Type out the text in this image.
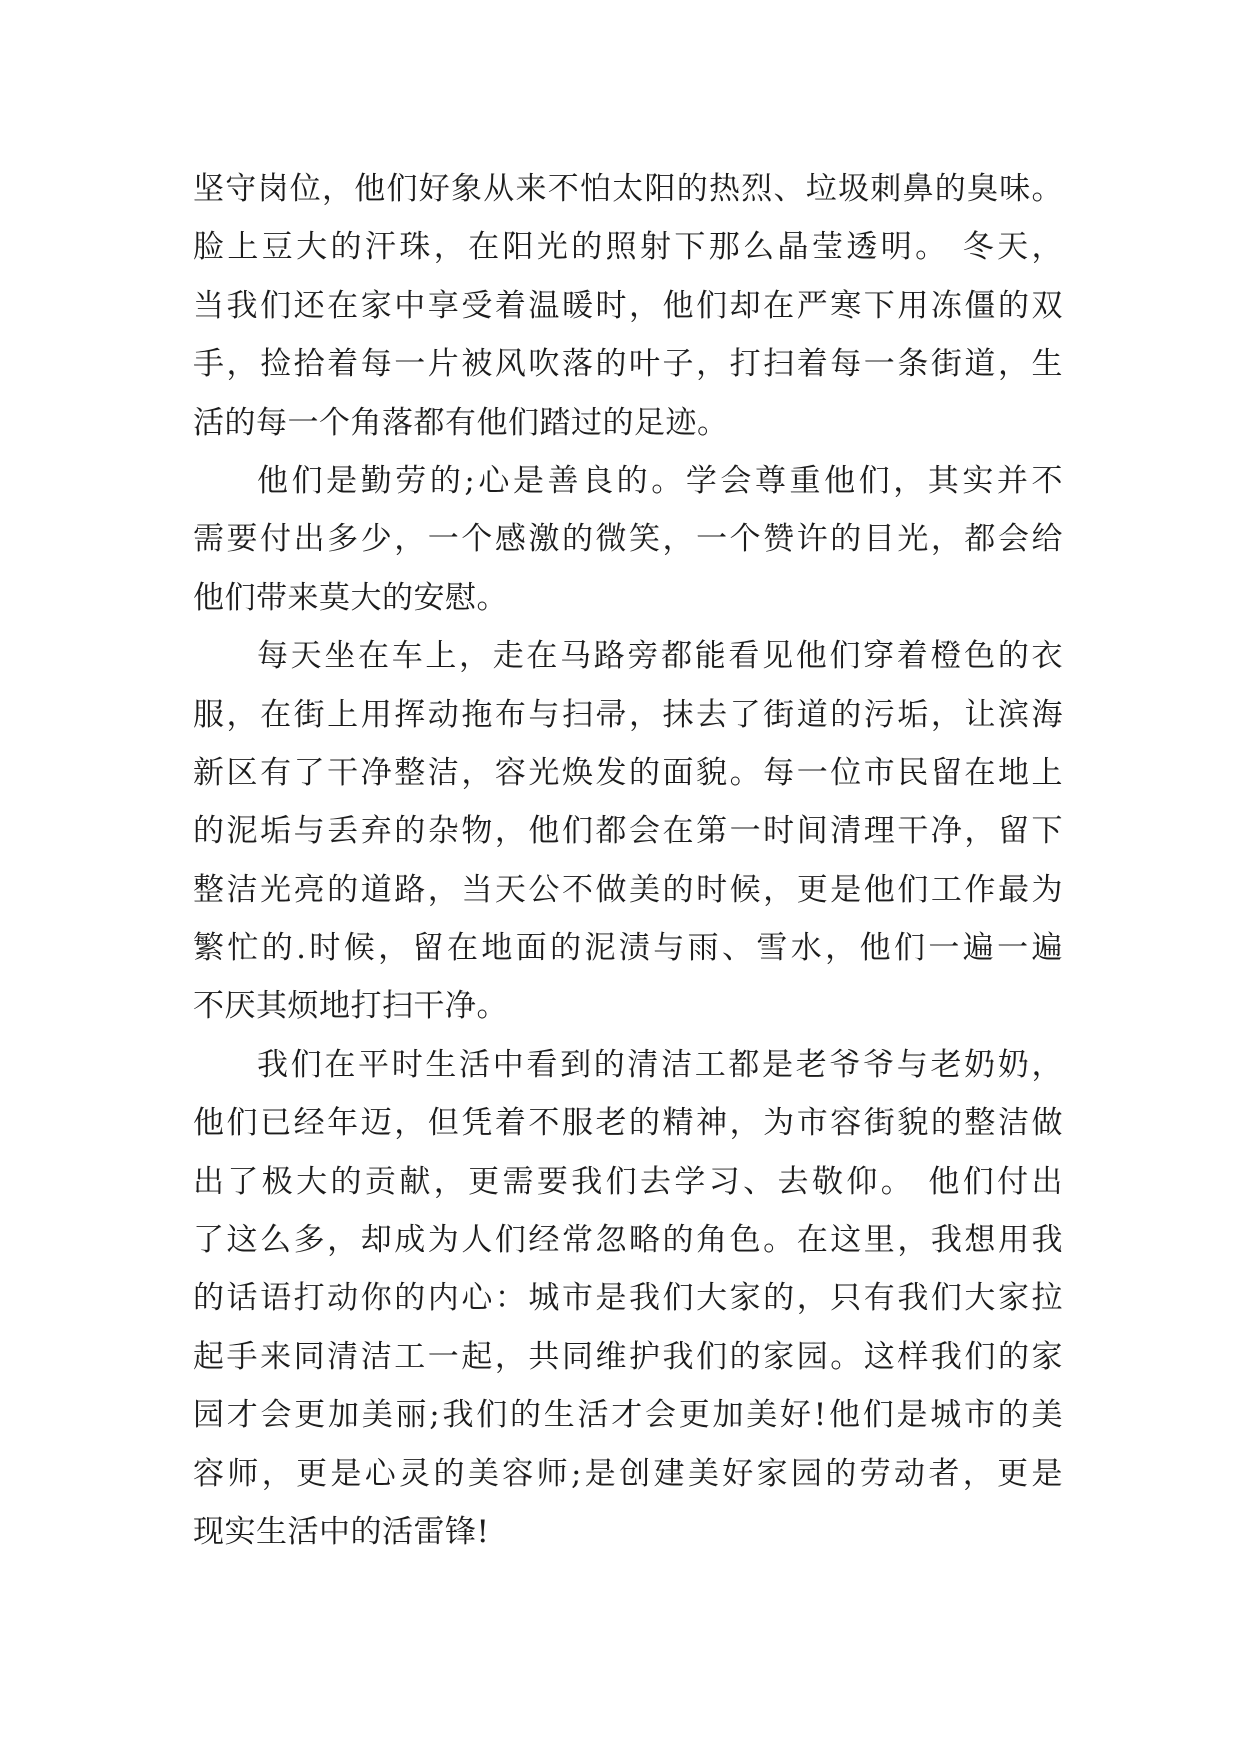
坚守岗位，他们好象从来不怕太阳的热烈、垃圾刺鼻的臭味。
脸上豆大的汗珠，在阳光的照射下那么晶莹透明。 冬天，
当我们还在家中享受着温暖时，他们却在严寒下用冻僵的双
手，捡拾着每一片被风吹落的叶子，打扫着每一条街道，生
活的每一个角落都有他们踏过的足迹。
他们是勤劳的;心是善良的。学会尊重他们，其实并不
需要付出多少，一个感激的微笑，一个赞许的目光，都会给
他们带来莫大的安慰。
每天坐在车上，走在马路旁都能看见他们穿着橙色的衣
服，在街上用挥动拖布与扫帚，抹去了街道的污垢，让滨海
新区有了干净整洁，容光焕发的面貌。每一位市民留在地上
的泥垢与丢弃的杂物，他们都会在第一时间清理干净，留下
整洁光亮的道路，当天公不做美的时候，更是他们工作最为
繁忙的.时候，留在地面的泥渍与雨、雪水，他们一遍一遍
不厌其烦地打扫干净。
我们在平时生活中看到的清洁工都是老爷爷与老奶奶，
他们已经年迈，但凭着不服老的精神，为市容街貌的整洁做
出了极大的贡献，更需要我们去学习、去敬仰。 他们付出
了这么多，却成为人们经常忽略的角色。在这里，我想用我
的话语打动你的内心：城市是我们大家的，只有我们大家拉
起手来同清洁工一起，共同维护我们的家园。这样我们的家
园才会更加美丽;我们的生活才会更加美好!他们是城市的美
容师，更是心灵的美容师;是创建美好家园的劳动者，更是
现实生活中的活雷锋!
